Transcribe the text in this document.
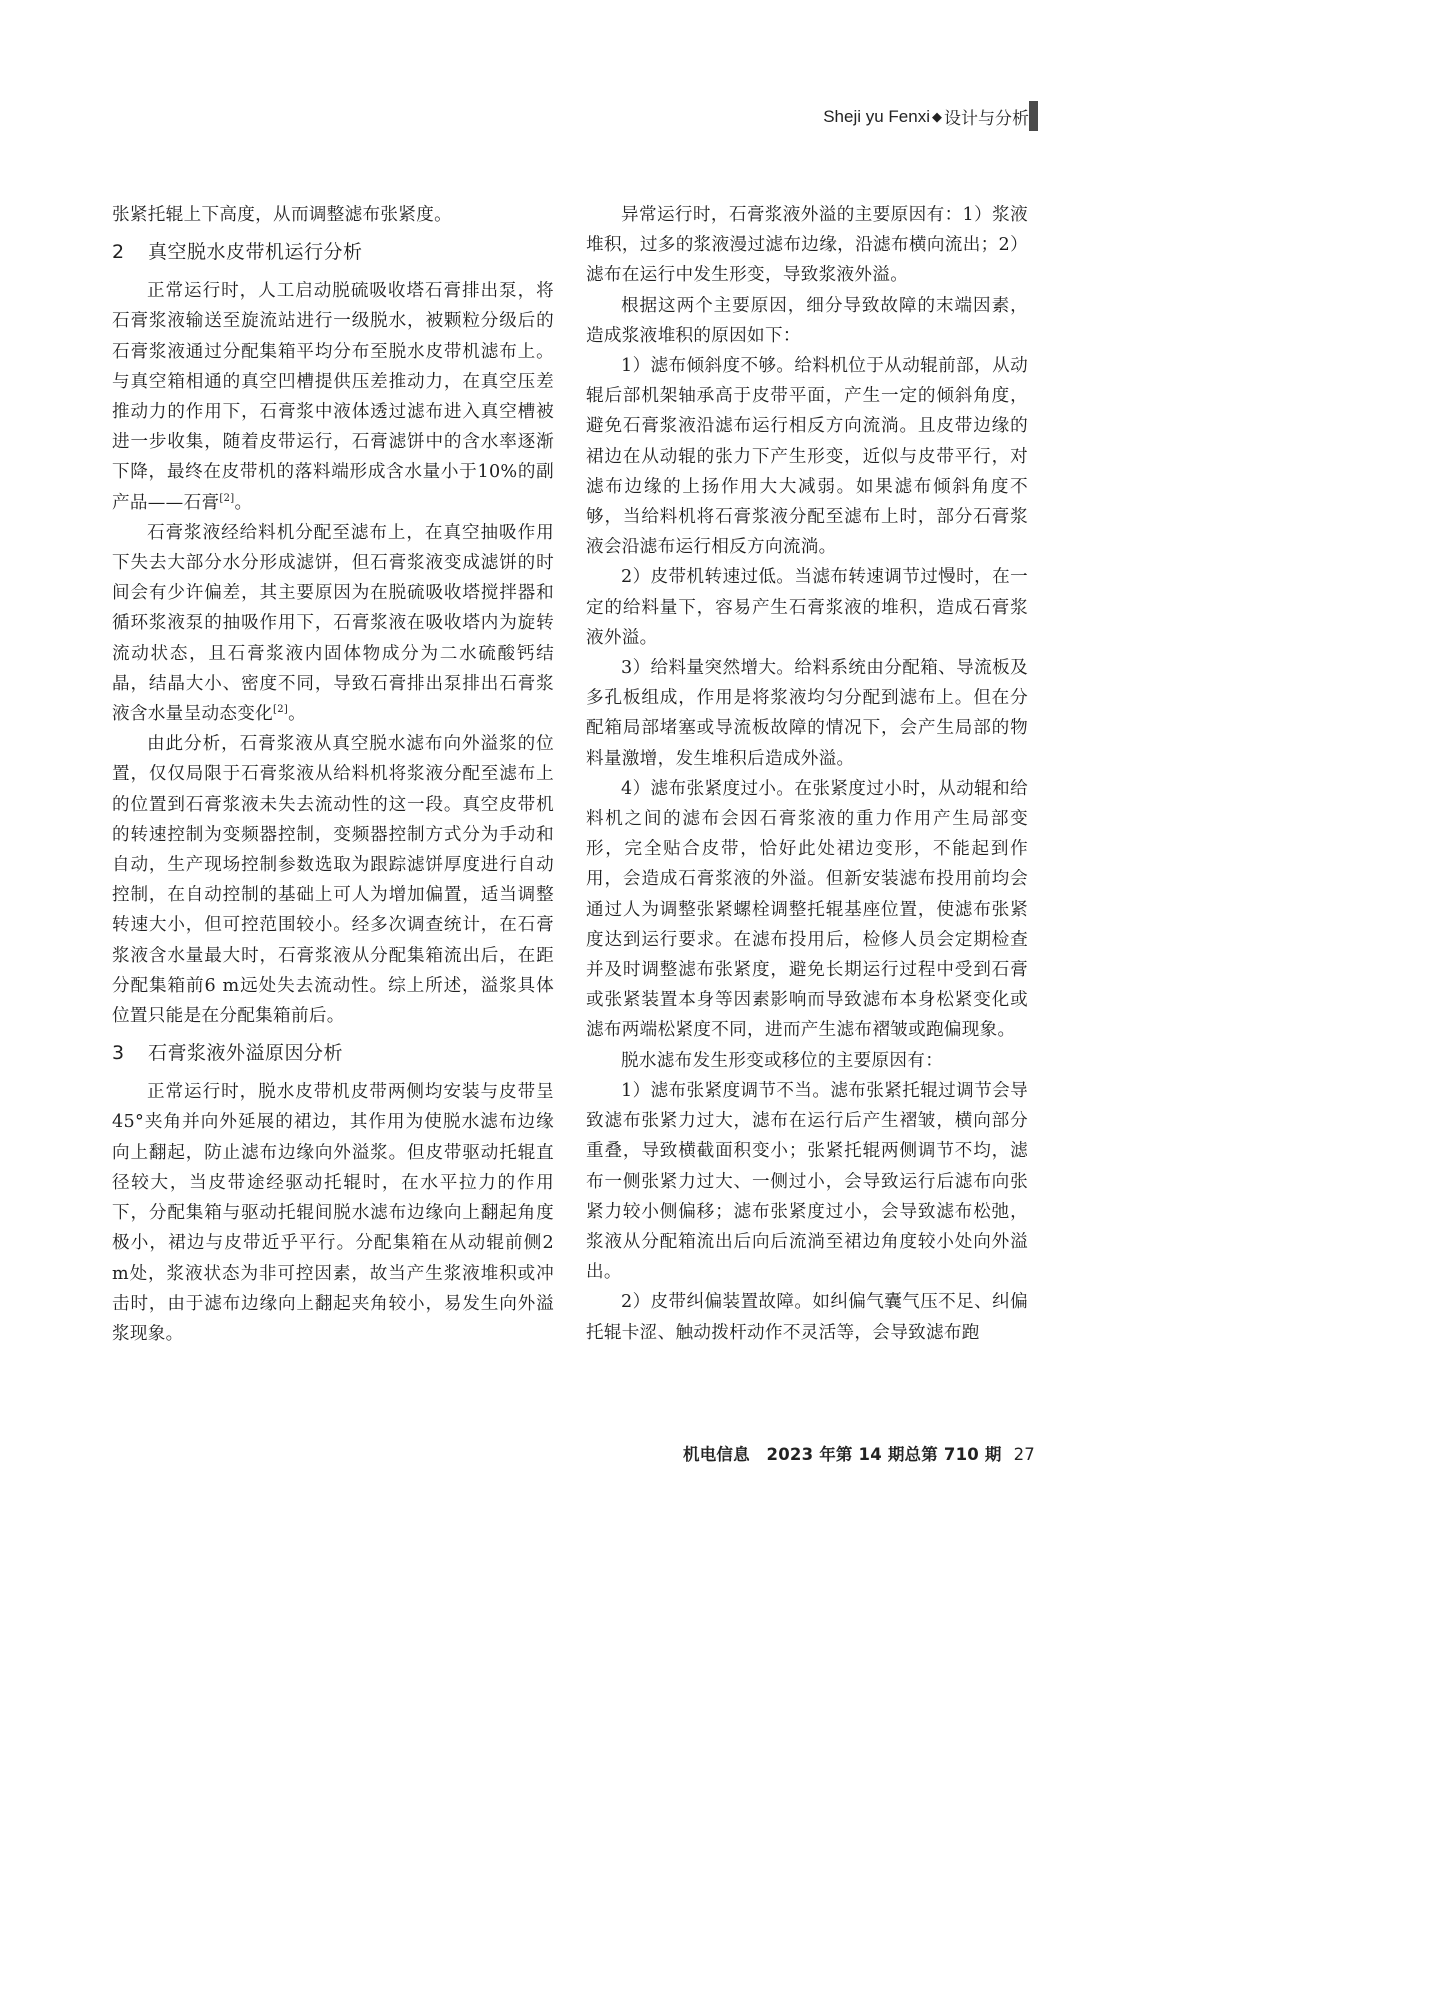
Sheji yu Fenxi ◆ 设计与分析

张紧托辊上下高度，从而调整滤布张紧度。

2 真空脱水皮带机运行分析

正常运行时，人工启动脱硫吸收塔石膏排出泵，将石膏浆液输送至旋流站进行一级脱水，被颗粒分级后的石膏浆液通过分配集箱平均分布至脱水皮带机滤布上。与真空箱相通的真空凹槽提供压差推动力，在真空压差推动力的作用下，石膏浆中液体透过滤布进入真空槽被进一步收集，随着皮带运行，石膏滤饼中的含水率逐渐下降，最终在皮带机的落料端形成含水量小于10%的副产品——石膏[2]。

石膏浆液经给料机分配至滤布上，在真空抽吸作用下失去大部分水分形成滤饼，但石膏浆液变成滤饼的时间会有少许偏差，其主要原因为在脱硫吸收塔搅拌器和循环浆液泵的抽吸作用下，石膏浆液在吸收塔内为旋转流动状态，且石膏浆液内固体物成分为二水硫酸钙结晶，结晶大小、密度不同，导致石膏排出泵排出石膏浆液含水量呈动态变化[2]。

由此分析，石膏浆液从真空脱水滤布向外溢浆的位置，仅仅局限于石膏浆液从给料机将浆液分配至滤布上的位置到石膏浆液未失去流动性的这一段。真空皮带机的转速控制为变频器控制，变频器控制方式分为手动和自动，生产现场控制参数选取为跟踪滤饼厚度进行自动控制，在自动控制的基础上可人为增加偏置，适当调整转速大小，但可控范围较小。经多次调查统计，在石膏浆液含水量最大时，石膏浆液从分配集箱流出后，在距分配集箱前6 m远处失去流动性。综上所述，溢浆具体位置只能是在分配集箱前后。

3 石膏浆液外溢原因分析

正常运行时，脱水皮带机皮带两侧均安装与皮带呈45°夹角并向外延展的裙边，其作用为使脱水滤布边缘向上翻起，防止滤布边缘向外溢浆。但皮带驱动托辊直径较大，当皮带途经驱动托辊时，在水平拉力的作用下，分配集箱与驱动托辊间脱水滤布边缘向上翻起角度极小，裙边与皮带近乎平行。分配集箱在从动辊前侧2 m处，浆液状态为非可控因素，故当产生浆液堆积或冲击时，由于滤布边缘向上翻起夹角较小，易发生向外溢浆现象。

异常运行时，石膏浆液外溢的主要原因有：1）浆液堆积，过多的浆液漫过滤布边缘，沿滤布横向流出；2）滤布在运行中发生形变，导致浆液外溢。

根据这两个主要原因，细分导致故障的末端因素，造成浆液堆积的原因如下：

1）滤布倾斜度不够。给料机位于从动辊前部，从动辊后部机架轴承高于皮带平面，产生一定的倾斜角度，避免石膏浆液沿滤布运行相反方向流淌。且皮带边缘的裙边在从动辊的张力下产生形变，近似与皮带平行，对滤布边缘的上扬作用大大减弱。如果滤布倾斜角度不够，当给料机将石膏浆液分配至滤布上时，部分石膏浆液会沿滤布运行相反方向流淌。

2）皮带机转速过低。当滤布转速调节过慢时，在一定的给料量下，容易产生石膏浆液的堆积，造成石膏浆液外溢。

3）给料量突然增大。给料系统由分配箱、导流板及多孔板组成，作用是将浆液均匀分配到滤布上。但在分配箱局部堵塞或导流板故障的情况下，会产生局部的物料量激增，发生堆积后造成外溢。

4）滤布张紧度过小。在张紧度过小时，从动辊和给料机之间的滤布会因石膏浆液的重力作用产生局部变形，完全贴合皮带，恰好此处裙边变形，不能起到作用，会造成石膏浆液的外溢。但新安装滤布投用前均会通过人为调整张紧螺栓调整托辊基座位置，使滤布张紧度达到运行要求。在滤布投用后，检修人员会定期检查并及时调整滤布张紧度，避免长期运行过程中受到石膏或张紧装置本身等因素影响而导致滤布本身松紧变化或滤布两端松紧度不同，进而产生滤布褶皱或跑偏现象。

脱水滤布发生形变或移位的主要原因有：

1）滤布张紧度调节不当。滤布张紧托辊过调节会导致滤布张紧力过大，滤布在运行后产生褶皱，横向部分重叠，导致横截面积变小；张紧托辊两侧调节不均，滤布一侧张紧力过大、一侧过小，会导致运行后滤布向张紧力较小侧偏移；滤布张紧度过小，会导致滤布松弛，浆液从分配箱流出后向后流淌至裙边角度较小处向外溢出。

2）皮带纠偏装置故障。如纠偏气囊气压不足、纠偏托辊卡涩、触动拨杆动作不灵活等，会导致滤布跑

机电信息　2023 年第 14 期总第 710 期 27
